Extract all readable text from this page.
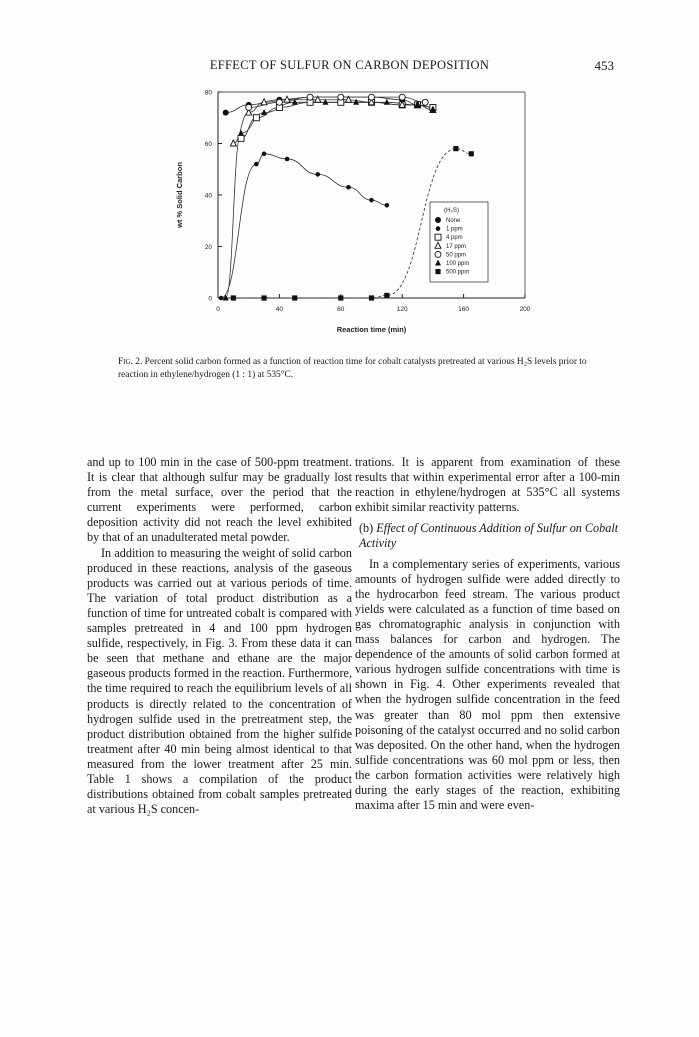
EFFECT OF SULFUR ON CARBON DEPOSITION	453
0	40	80	120	160	200
0
20
40
60
80
Reaction time (min)
wt % Solid Carbon	(H₂S)
None
1 ppm
4 ppm
17 ppm
50 ppm
100 ppm
500 ppm
Fig. 2. Percent solid carbon formed as a function of reaction time for cobalt catalysts pretreated at various H₂S levels prior to reaction in ethylene/hydrogen (1 : 1) at 535°C.

and up to 100 min in the case of 500-ppm treatment. It is clear that although sulfur may be gradually lost from the metal surface, over the period that the current experiments were performed, carbon deposition activity did not reach the level exhibited by that of an unadulterated metal powder.

In addition to measuring the weight of solid carbon produced in these reactions, analysis of the gaseous products was carried out at various periods of time. The variation of total product distribution as a function of time for untreated cobalt is compared with samples pretreated in 4 and 100 ppm hydrogen sulfide, respectively, in Fig. 3. From these data it can be seen that methane and ethane are the major gaseous products formed in the reaction. Furthermore, the time required to reach the equilibrium levels of all products is directly related to the concentration of hydrogen sulfide used in the pretreatment step, the product distribution obtained from the higher sulfide treatment after 40 min being almost identical to that measured from the lower treatment after 25 min. Table 1 shows a compilation of the product distributions obtained from cobalt samples pretreated at various H₂S concen-

trations. It is apparent from examination of these results that within experimental error after a 100-min reaction in ethylene/hydrogen at 535°C all systems exhibit similar reactivity patterns.

(b) Effect of Continuous Addition of Sulfur on Cobalt Activity

In a complementary series of experiments, various amounts of hydrogen sulfide were added directly to the hydrocarbon feed stream. The various product yields were calculated as a function of time based on gas chromatographic analysis in conjunction with mass balances for carbon and hydrogen. The dependence of the amounts of solid carbon formed at various hydrogen sulfide concentrations with time is shown in Fig. 4. Other experiments revealed that when the hydrogen sulfide concentration in the feed was greater than 80 mol ppm then extensive poisoning of the catalyst occurred and no solid carbon was deposited. On the other hand, when the hydrogen sulfide concentrations was 60 mol ppm or less, then the carbon formation activities were relatively high during the early stages of the reaction, exhibiting maxima after 15 min and were even-
